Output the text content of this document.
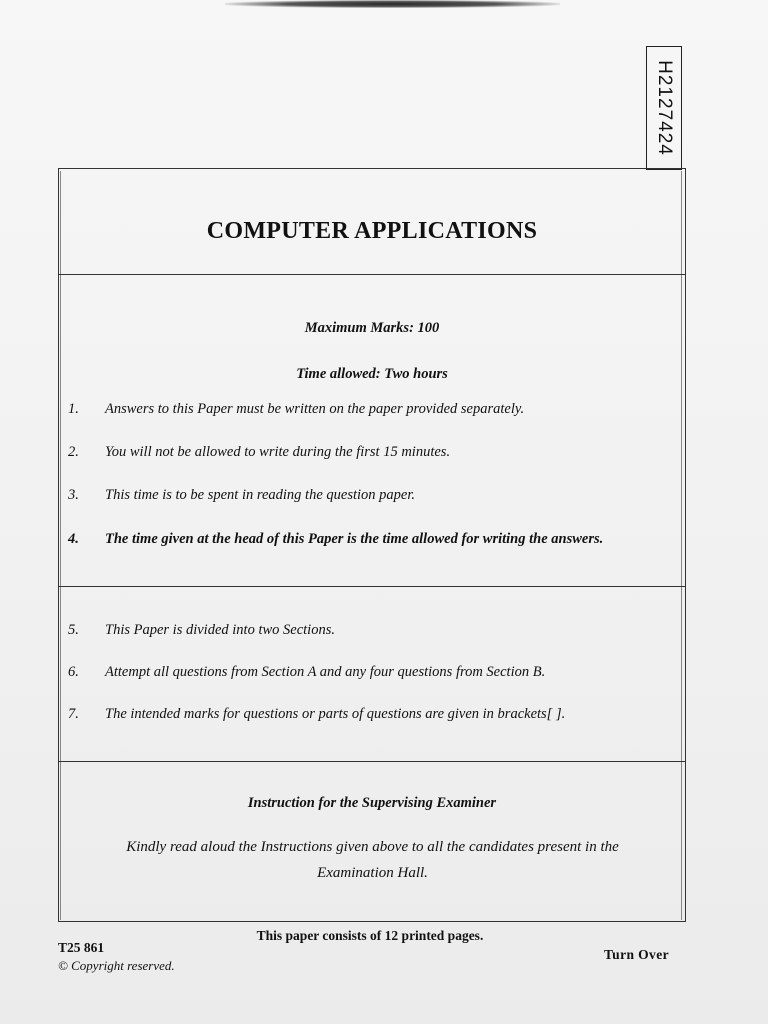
H2127424
COMPUTER APPLICATIONS
Maximum Marks: 100
Time allowed: Two hours
1. Answers to this Paper must be written on the paper provided separately.
2. You will not be allowed to write during the first 15 minutes.
3. This time is to be spent in reading the question paper.
4. The time given at the head of this Paper is the time allowed for writing the answers.
5. This Paper is divided into two Sections.
6. Attempt all questions from Section A and any four questions from Section B.
7. The intended marks for questions or parts of questions are given in brackets[ ].
Instruction for the Supervising Examiner
Kindly read aloud the Instructions given above to all the candidates present in the
Examination Hall.
This paper consists of 12 printed pages.
T25 861
© Copyright reserved.
Turn Over
